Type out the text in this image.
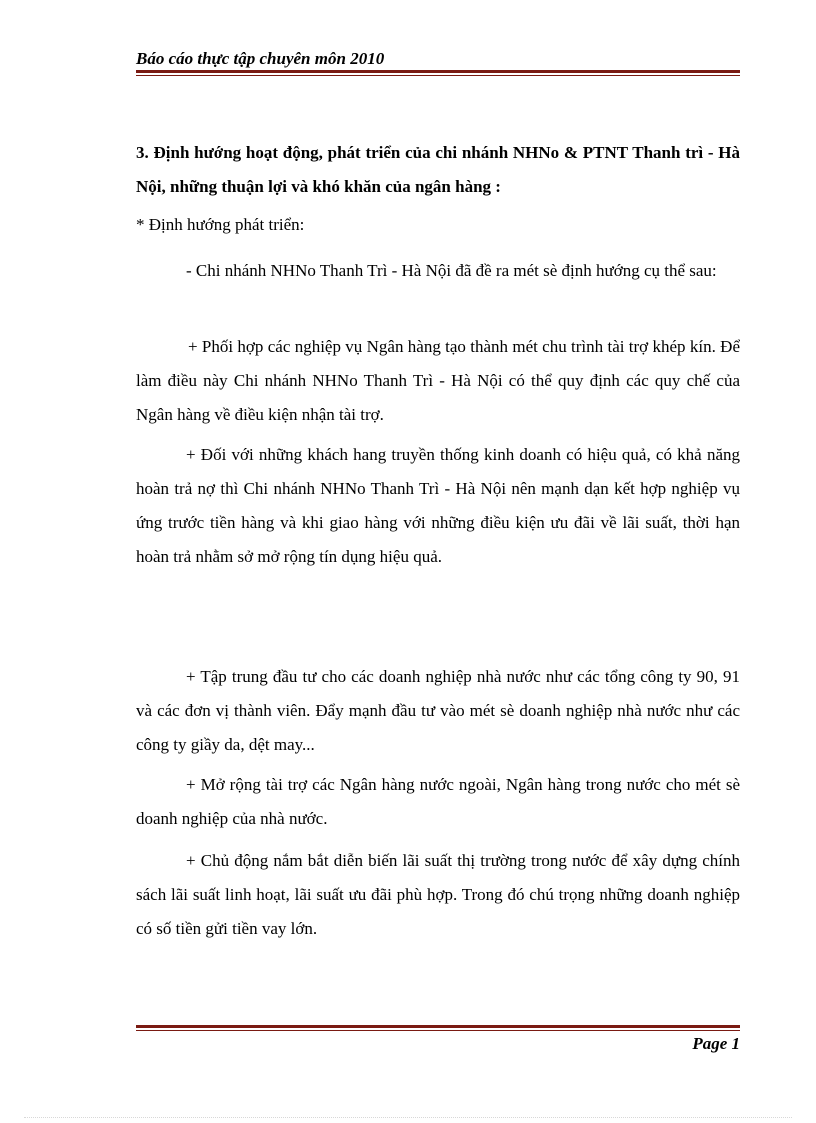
Báo cáo thực tập chuyên môn 2010
3. Định hướng hoạt động, phát triển của chi nhánh NHNo & PTNT Thanh trì - Hà Nội, những thuận lợi và khó khăn của ngân hàng :
* Định hướng phát triển:
- Chi nhánh NHNo Thanh Trì - Hà Nội đã đề ra mét sè định hướng cụ thể sau:
+ Phối hợp các nghiệp vụ Ngân hàng tạo thành mét chu trình tài trợ khép kín. Để làm điều này Chi nhánh NHNo Thanh Trì - Hà Nội có thể quy định các quy chế của Ngân hàng về điều kiện nhận tài trợ.
+ Đối với những khách hang truyền thống kinh doanh có hiệu quả, có khả năng hoàn trả nợ thì Chi nhánh NHNo Thanh Trì - Hà Nội nên mạnh dạn kết hợp nghiệp vụ ứng trước tiền hàng và khi giao hàng với những điều kiện ưu đãi về lãi suất, thời hạn hoàn trả nhằm sở mở rộng tín dụng hiệu quả.
+ Tập trung đầu tư cho các doanh nghiệp nhà nước như các tổng công ty 90, 91 và các đơn vị thành viên. Đẩy mạnh đầu tư vào mét sè doanh nghiệp nhà nước như các công ty giầy da, dệt may...
+ Mở rộng tài trợ các Ngân hàng nước ngoài, Ngân hàng trong nước cho mét sè doanh nghiệp của nhà nước.
+ Chủ động nắm bắt diễn biến lãi suất thị trường trong nước để xây dựng chính sách lãi suất linh hoạt, lãi suất ưu đãi phù hợp. Trong đó chú trọng những doanh nghiệp có số tiền gửi tiền vay lớn.
Page 1
